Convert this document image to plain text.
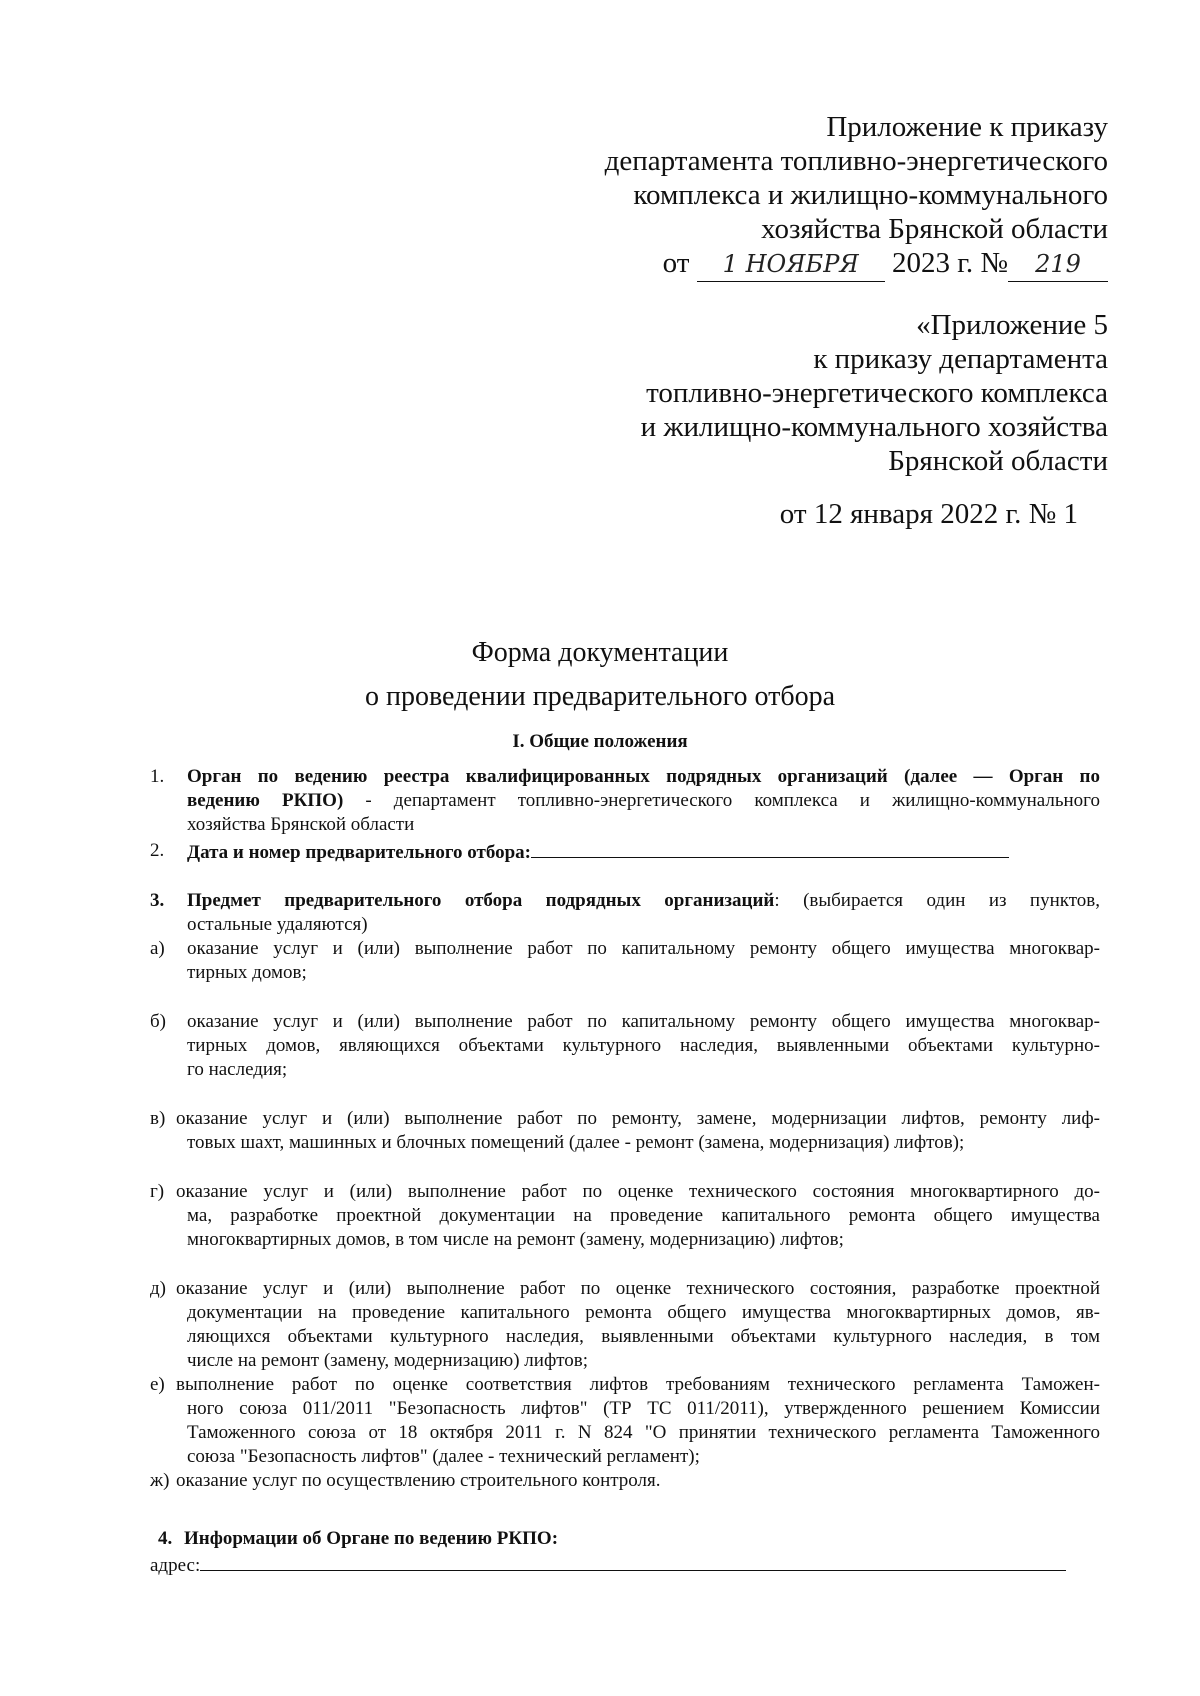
Приложение к приказу
департамента топливно-энергетического
комплекса и жилищно-коммунального
хозяйства Брянской области
от 1 НОЯБРЯ 2023 г. № 219
«Приложение 5
к приказу департамента
топливно-энергетического комплекса
и жилищно-коммунального хозяйства
Брянской области
от 12 января 2022 г. № 1
Форма документации
о проведении предварительного отбора
I. Общие положения
1. Орган по ведению реестра квалифицированных подрядных организаций (далее — Орган по
ведению РКПО) - департамент топливно-энергетического комплекса и жилищно-коммунального
хозяйства Брянской области
2. Дата и номер предварительного отбора:
3. Предмет предварительного отбора подрядных организаций: (выбирается один из пунктов,
остальные удаляются)
а) оказание услуг и (или) выполнение работ по капитальному ремонту общего имущества многоквар-
тирных домов;
б) оказание услуг и (или) выполнение работ по капитальному ремонту общего имущества многоквар-
тирных домов, являющихся объектами культурного наследия, выявленными объектами культурно-
го наследия;
в) оказание услуг и (или) выполнение работ по ремонту, замене, модернизации лифтов, ремонту лиф-
товых шахт, машинных и блочных помещений (далее - ремонт (замена, модернизация) лифтов);
г) оказание услуг и (или) выполнение работ по оценке технического состояния многоквартирного до-
ма, разработке проектной документации на проведение капитального ремонта общего имущества
многоквартирных домов, в том числе на ремонт (замену, модернизацию) лифтов;
д) оказание услуг и (или) выполнение работ по оценке технического состояния, разработке проектной
документации на проведение капитального ремонта общего имущества многоквартирных домов, яв-
ляющихся объектами культурного наследия, выявленными объектами культурного наследия, в том
числе на ремонт (замену, модернизацию) лифтов;
е) выполнение работ по оценке соответствия лифтов требованиям технического регламента Таможен-
ного союза 011/2011 "Безопасность лифтов" (ТР ТС 011/2011), утвержденного решением Комиссии
Таможенного союза от 18 октября 2011 г. N 824 "О принятии технического регламента Таможенного
союза "Безопасность лифтов" (далее - технический регламент);
ж) оказание услуг по осуществлению строительного контроля.
4. Информации об Органе по ведению РКПО:
адрес:
